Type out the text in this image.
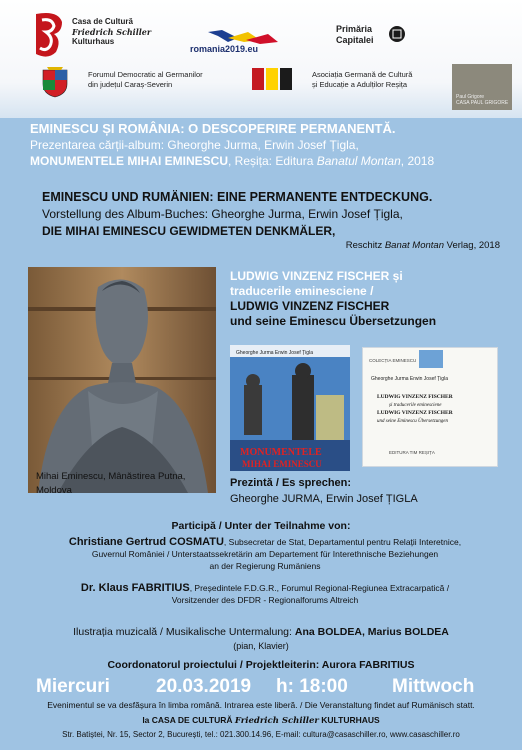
Casa de Cultură
Friedrich Schiller
Kulturhaus
romania2019.eu
Primăria
Capitalei
Forumul Democratic al Germanilor
din județul Caraș-Severin
Asociația Germană de Cultură
și Educație a Adulților Reșița
Paul Grigore
CASA PAUL GRIGORE
EMINESCU ȘI ROMÂNIA: O DESCOPERIRE PERMANENTĂ.
Prezentarea cărții-album: Gheorghe Jurma, Erwin Josef Țigla,
MONUMENTELE MIHAI EMINESCU, Reșița: Editura Banatul Montan, 2018
EMINESCU UND RUMÄNIEN: EINE PERMANENTE ENTDECKUNG.
Vorstellung des Album-Buches: Gheorghe Jurma, Erwin Josef Țigla,
DIE MIHAI EMINESCU GEWIDMETEN DENKMÄLER,
Reschitz Banat Montan Verlag, 2018
Mihai Eminescu, Mânăstirea Putna,
Moldova
LUDWIG VINZENZ FISCHER și
traducerile eminesciene /
LUDWIG VINZENZ FISCHER
und seine Eminescu Übersetzungen
Gheorghe Jurma Erwin Josef Țigla
MONUMENTELE
MIHAI EMINESCU
COLECȚIA EMINESCU
Gheorghe Jurma Erwin Josef Țigla
LUDWIG VINZENZ FISCHER
și traducerile eminesciene
LUDWIG VINZENZ FISCHER
und seine Eminescu Übersetzungen
EDITURA TIM REȘIȚA
Prezintă / Es sprechen:
Gheorghe JURMA, Erwin Josef ȚIGLA
Participă / Unter der Teilnahme von:
Christiane Gertrud COSMATU, Subsecretar de Stat, Departamentul pentru Relații Interetnice,
Guvernul României / Unterstaatssekretärin am Departement für Interethnische Beziehungen
an der Regierung Rumäniens
Dr. Klaus FABRITIUS, Președintele F.D.G.R., Forumul Regional-Regiunea Extracarpatică /
Vorsitzender des DFDR - Regionalforums Altreich
Ilustrația muzicală / Musikalische Untermalung: Ana BOLDEA, Marius BOLDEA
(pian, Klavier)
Coordonatorul proiectului / Projektleiterin: Aurora FABRITIUS
Miercuri 20.03.2019 h: 18:00 Mittwoch
Evenimentul se va desfășura în limba română. Intrarea este liberă. / Die Veranstaltung findet auf Rumänisch statt.
la CASA DE CULTURĂ Friedrich Schiller KULTURHAUS
Str. Batiștei, Nr. 15, Sector 2, București, tel.: 021.300.14.96, E-mail: cultura@casaschiller.ro, www.casaschiller.ro
